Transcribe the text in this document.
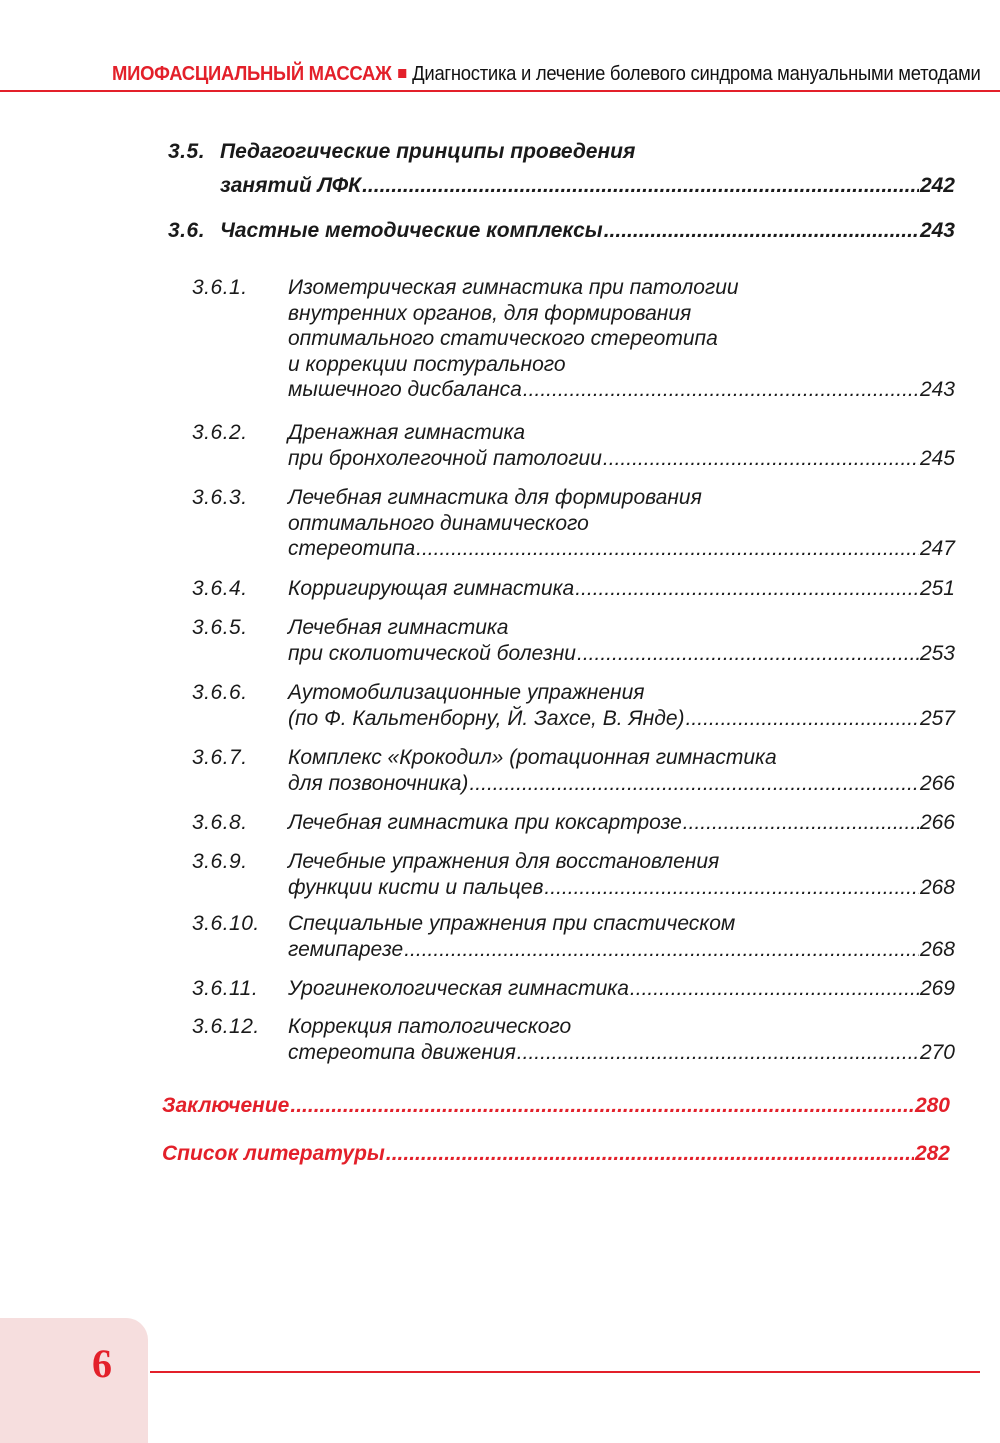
МИОФАСЦИАЛЬНЫЙ МАССАЖ Диагностика и лечение болевого синдрома мануальными методами
3.5. Педагогические принципы проведения
занятий ЛФК .....	242
3.6. Частные методические комплексы .....	243
3.6.1. Изометрическая гимнастика при патологии
внутренних органов, для формирования
оптимального статического стереотипа
и коррекции постурального
мышечного дисбаланса .....	243
3.6.2. Дренажная гимнастика
при бронхолегочной патологии .....	245
3.6.3. Лечебная гимнастика для формирования
оптимального динамического
стереотипа .....	247
3.6.4. Корригирующая гимнастика .....	251
3.6.5. Лечебная гимнастика
при сколиотической болезни .....	253
3.6.6. Аутомобилизационные упражнения
(по Ф. Кальтенборну, Й. Захсе, В. Янде) .....	257
3.6.7. Комплекс «Крокодил» (ротационная гимнастика
для позвоночника) .....	266
3.6.8. Лечебная гимнастика при коксартрозе .....	266
3.6.9. Лечебные упражнения для восстановления
функции кисти и пальцев .....	268
3.6.10. Специальные упражнения при спастическом
гемипарезе .....	268
3.6.11. Урогинекологическая гимнастика .....	269
3.6.12. Коррекция патологического
стереотипа движения .....	270
Заключение .....	280
Список литературы .....	282
6
